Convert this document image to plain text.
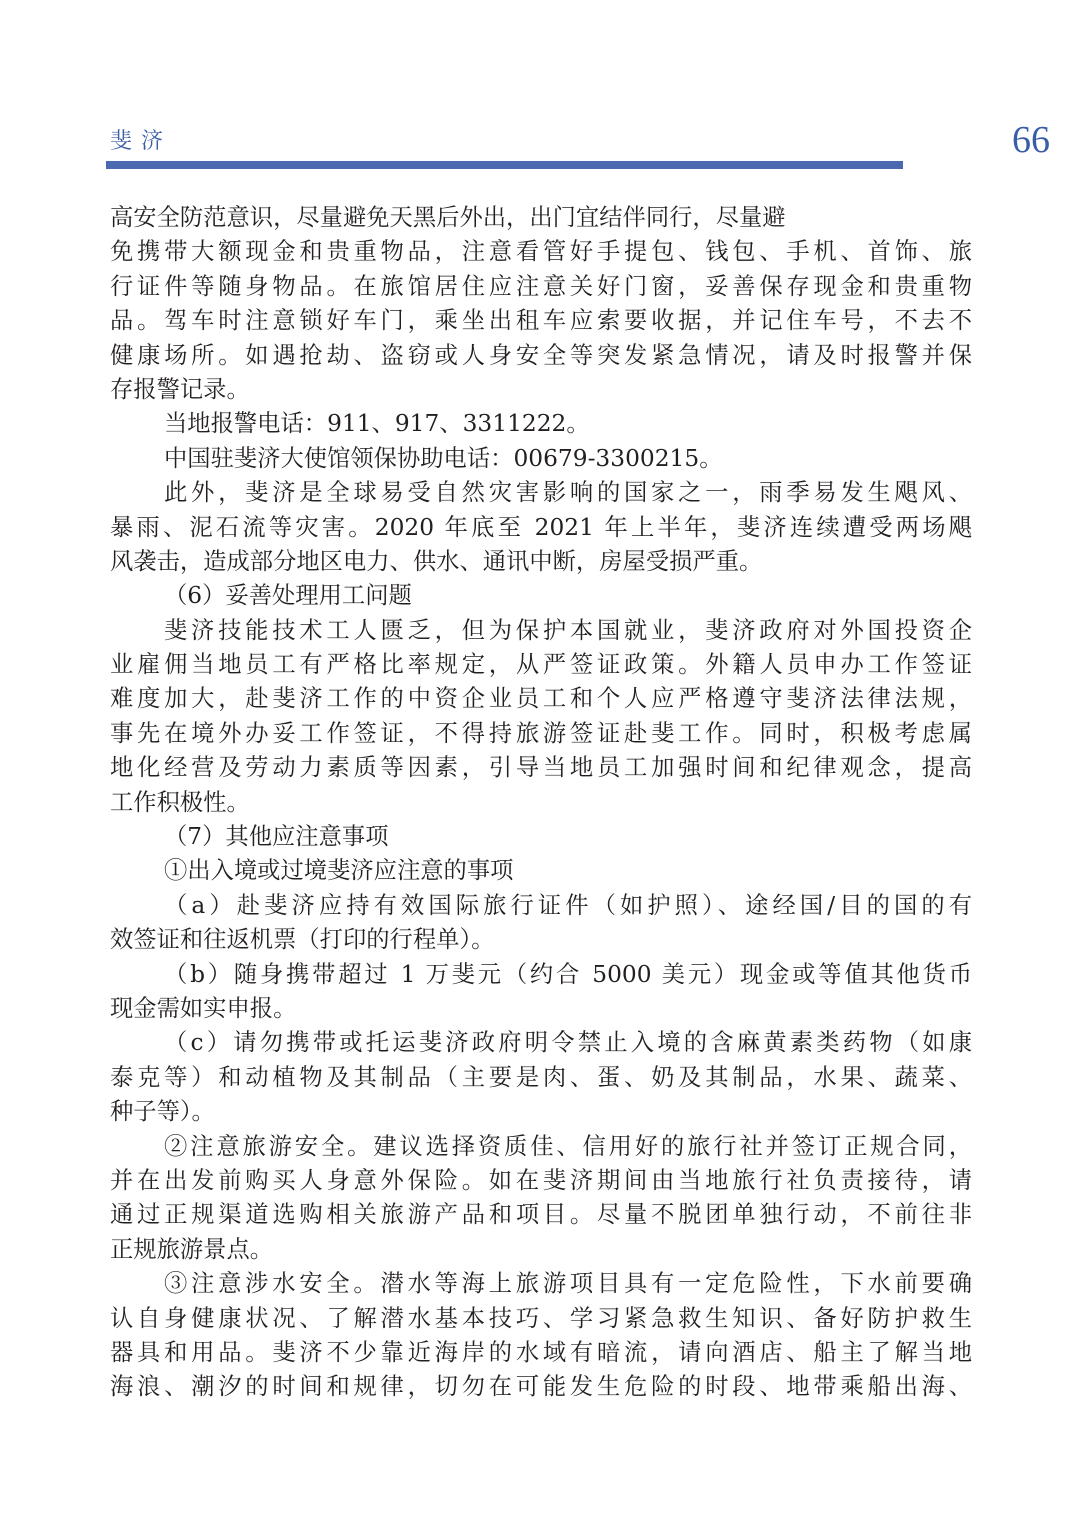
斐济	66
高安全防范意识，尽量避免天黑后外出，出门宜结伴同行，尽量避
免携带大额现金和贵重物品，注意看管好手提包、钱包、手机、首饰、旅
行证件等随身物品。在旅馆居住应注意关好门窗，妥善保存现金和贵重物
品。驾车时注意锁好车门，乘坐出租车应索要收据，并记住车号，不去不
健康场所。如遇抢劫、盗窃或人身安全等突发紧急情况，请及时报警并保
存报警记录。
当地报警电话：911、917、3311222。
中国驻斐济大使馆领保协助电话：00679-3300215。
此外，斐济是全球易受自然灾害影响的国家之一，雨季易发生飓风、
暴雨、泥石流等灾害。2020 年底至 2021 年上半年，斐济连续遭受两场飓
风袭击，造成部分地区电力、供水、通讯中断，房屋受损严重。
（6）妥善处理用工问题
斐济技能技术工人匮乏，但为保护本国就业，斐济政府对外国投资企
业雇佣当地员工有严格比率规定，从严签证政策。外籍人员申办工作签证
难度加大，赴斐济工作的中资企业员工和个人应严格遵守斐济法律法规，
事先在境外办妥工作签证，不得持旅游签证赴斐工作。同时，积极考虑属
地化经营及劳动力素质等因素，引导当地员工加强时间和纪律观念，提高
工作积极性。
（7）其他应注意事项
①出入境或过境斐济应注意的事项
（a）赴斐济应持有效国际旅行证件（如护照）、途经国/目的国的有
效签证和往返机票（打印的行程单）。
（b）随身携带超过 1 万斐元（约合 5000 美元）现金或等值其他货币
现金需如实申报。
（c）请勿携带或托运斐济政府明令禁止入境的含麻黄素类药物（如康
泰克等）和动植物及其制品（主要是肉、蛋、奶及其制品，水果、蔬菜、
种子等）。
②注意旅游安全。建议选择资质佳、信用好的旅行社并签订正规合同，
并在出发前购买人身意外保险。如在斐济期间由当地旅行社负责接待，请
通过正规渠道选购相关旅游产品和项目。尽量不脱团单独行动，不前往非
正规旅游景点。
③注意涉水安全。潜水等海上旅游项目具有一定危险性，下水前要确
认自身健康状况、了解潜水基本技巧、学习紧急救生知识、备好防护救生
器具和用品。斐济不少靠近海岸的水域有暗流，请向酒店、船主了解当地
海浪、潮汐的时间和规律，切勿在可能发生危险的时段、地带乘船出海、
